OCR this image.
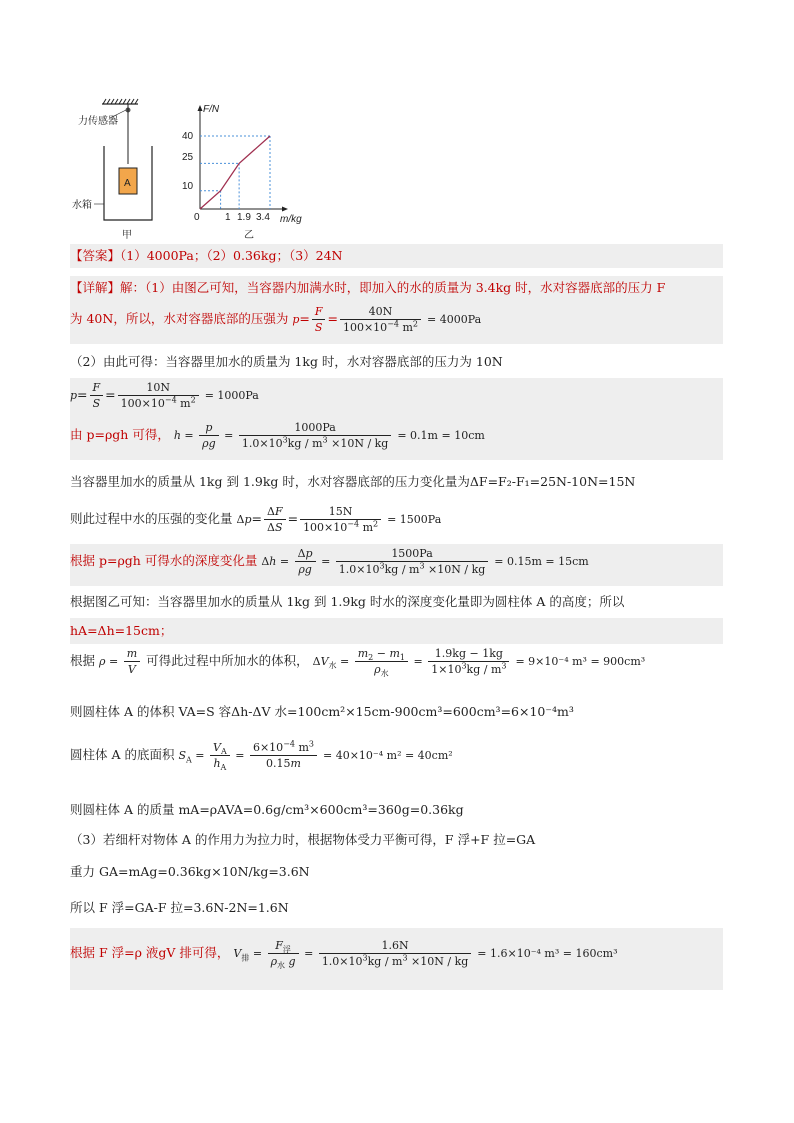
力传感器
水箱
A
甲
F/N
m/kg
0
40
25
10
1 1.9 3.4
乙
【答案】（1）4000Pa；（2）0.36kg；（3）24N
【详解】解：（1）由图乙可知，当容器内加满水时，即加入的水的质量为 3.4kg 时，水对容器底部的压力 F
为 40N，所以，水对容器底部的压强为 $p= \frac{F}{S} = \frac{40N}{100\times 10^{-4} m^2} = 4000Pa$
（2）由此可得：当容器里加水的质量为 1kg 时，水对容器底部的压力为 10N
$p= \frac{F}{S} = \frac{10N}{100\times 10^{-4} m^2} = 1000Pa$
由 p=ρgh 可得， $h = \frac{p}{\rho g} = \frac{1000Pa}{1.0\times 10^3kg / m^3 \times 10N / kg} = 0.1m = 10cm$
当容器里加水的质量从 1kg 到 1.9kg 时，水对容器底部的压力变化量为ΔF=F₂-F₁=25N-10N=15N
则此过程中水的压强的变化量 $\Delta p= \frac{\Delta F}{\Delta S} = \frac{15N}{100\times 10^{-4} m^2} = 1500Pa$
根据 p=ρgh 可得水的深度变化量 $\Delta h = \frac{\Delta p}{\rho g} = \frac{1500Pa}{1.0\times 10^3kg / m^3 \times 10N / kg} = 0.15m = 15cm$
根据图乙可知：当容器里加水的质量从 1kg 到 1.9kg 时水的深度变化量即为圆柱体 A 的高度；所以
hA=Δh=15cm；
根据 $\rho = \frac{m}{V}$ 可得此过程中所加水的体积， $\Delta V_水 = \frac{m_2 - m_1}{\rho_水} = \frac{1.9kg - 1kg}{1\times 10^3kg / m^3} = 9\times 10^{-4}$ m³ = 900cm³
则圆柱体 A 的体积 VA=S 容Δh-ΔV 水=100cm²×15cm-900cm³=600cm³=6×10⁻⁴m³
圆柱体 A 的底面积 $S_A = \frac{V_A}{h_A} = \frac{6\times 10^{-4} m^3}{0.15m} = 40\times 10^{-4}$ m² = 40cm²
则圆柱体 A 的质量 mA=ρAVA=0.6g/cm³×600cm³=360g=0.36kg
（3）若细杆对物体 A 的作用力为拉力时，根据物体受力平衡可得，F 浮+F 拉=GA
重力 GA=mAg=0.36kg×10N/kg=3.6N
所以 F 浮=GA-F 拉=3.6N-2N=1.6N
根据 F 浮=ρ 液gV 排可得， $V_排 = \frac{F_浮}{\rho_水 g} = \frac{1.6N}{1.0\times 10^3kg / m^3 \times 10N / kg} = 1.6\times 10^{-4}$ m³ = 160cm³
